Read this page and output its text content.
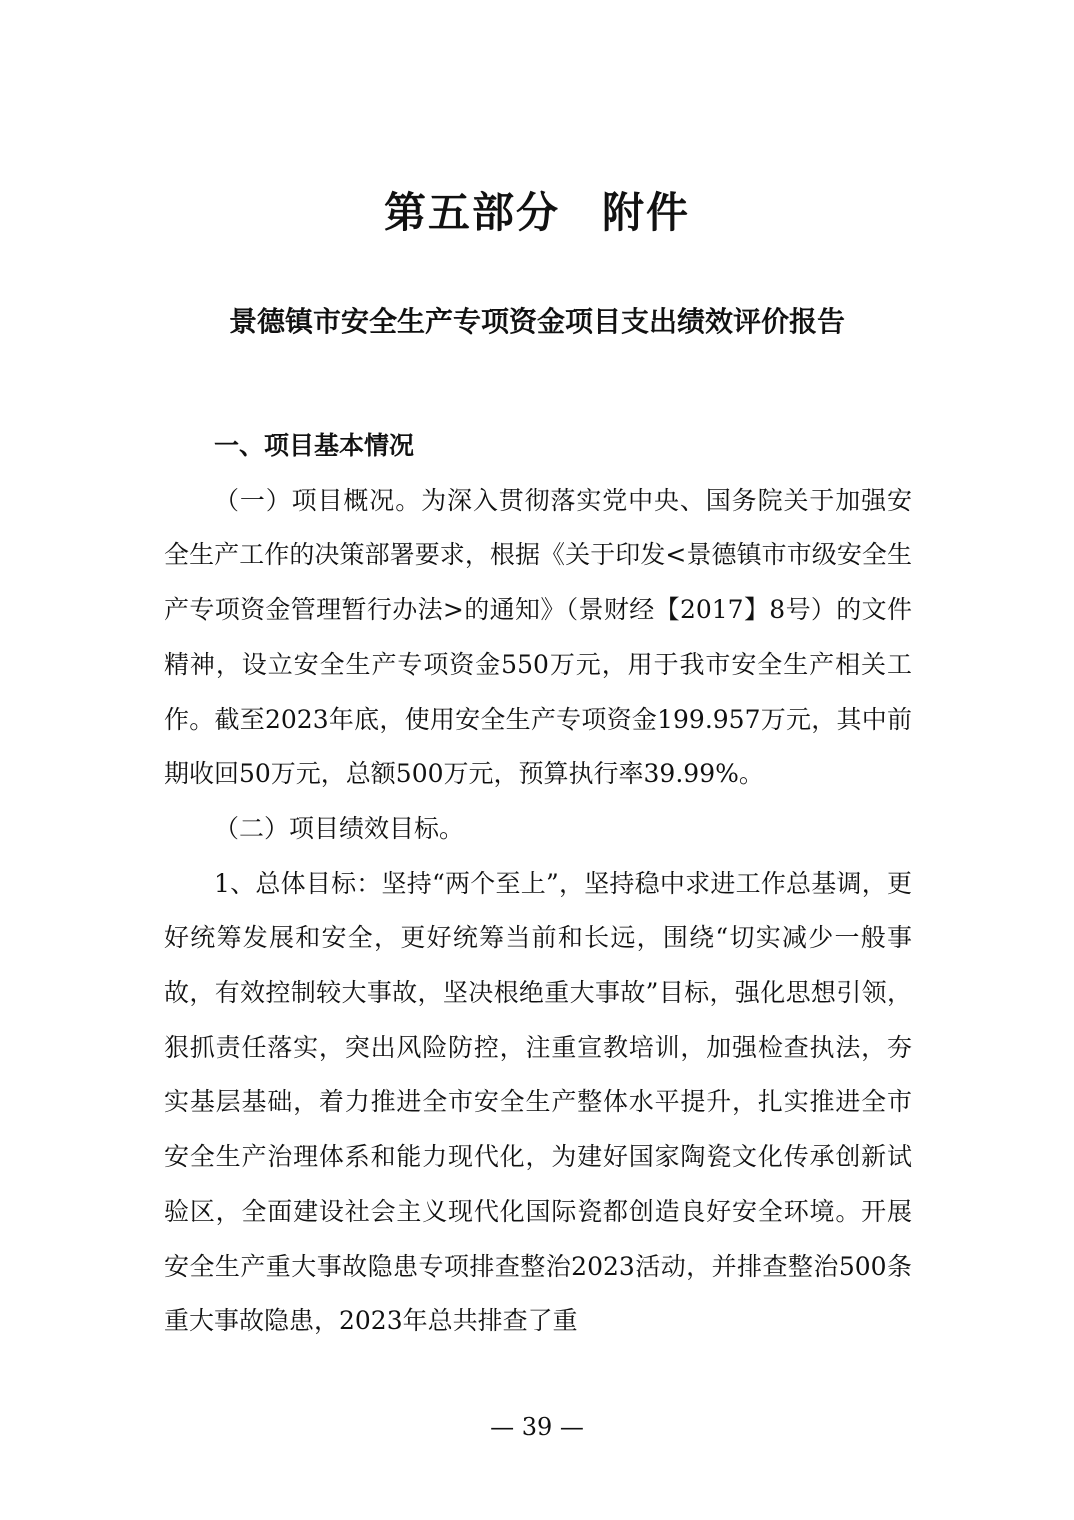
第五部分 附件
景德镇市安全生产专项资金项目支出绩效评价报告

一、项目基本情况

（一）项目概况。为深入贯彻落实党中央、国务院关于加强安全生产工作的决策部署要求，根据《关于印发<景德镇市市级安全生产专项资金管理暂行办法>的通知》（景财经【2017】8号）的文件精神，设立安全生产专项资金550万元，用于我市安全生产相关工作。截至2023年底，使用安全生产专项资金199.957万元，其中前期收回50万元，总额500万元，预算执行率39.99%。

（二）项目绩效目标。

1、总体目标：坚持“两个至上”，坚持稳中求进工作总基调，更好统筹发展和安全，更好统筹当前和长远，围绕“切实减少一般事故，有效控制较大事故，坚决根绝重大事故”目标，强化思想引领，狠抓责任落实，突出风险防控，注重宣教培训，加强检查执法，夯实基层基础，着力推进全市安全生产整体水平提升，扎实推进全市安全生产治理体系和能力现代化，为建好国家陶瓷文化传承创新试验区，全面建设社会主义现代化国际瓷都创造良好安全环境。开展安全生产重大事故隐患专项排查整治2023活动，并排查整治500条重大事故隐患，2023年总共排查了重

— 39 —
